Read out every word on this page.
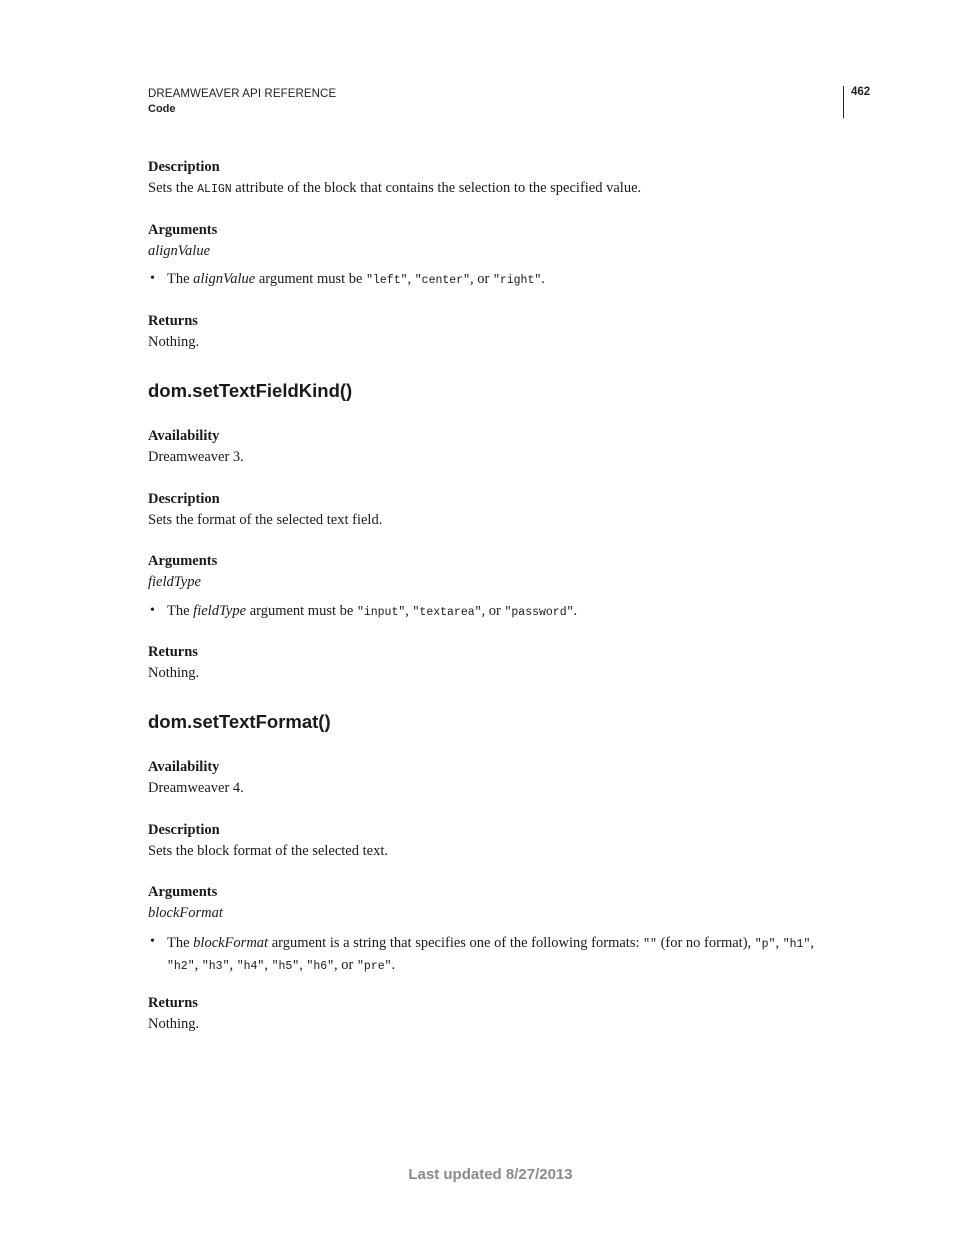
DREAMWEAVER API REFERENCE
Code
462
Description
Sets the ALIGN attribute of the block that contains the selection to the specified value.
Arguments
alignValue
• The alignValue argument must be "left", "center", or "right".
Returns
Nothing.
dom.setTextFieldKind()
Availability
Dreamweaver 3.
Description
Sets the format of the selected text field.
Arguments
fieldType
• The fieldType argument must be "input", "textarea", or "password".
Returns
Nothing.
dom.setTextFormat()
Availability
Dreamweaver 4.
Description
Sets the block format of the selected text.
Arguments
blockFormat
• The blockFormat argument is a string that specifies one of the following formats: "" (for no format), "p", "h1",
"h2", "h3", "h4", "h5", "h6", or "pre".
Returns
Nothing.
Last updated 8/27/2013
